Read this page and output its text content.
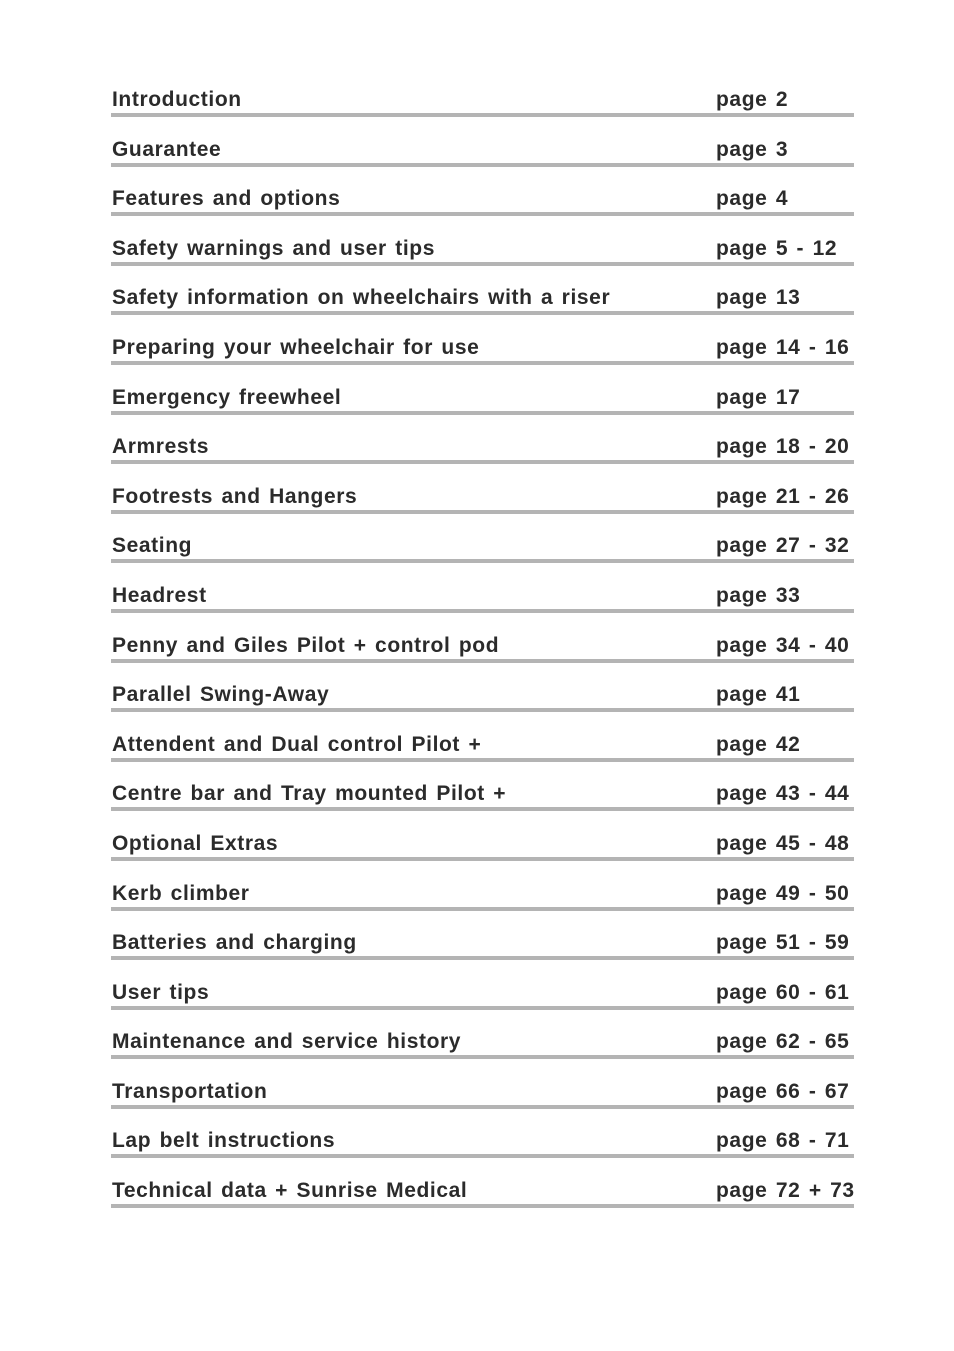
Introduction	page 2
Guarantee	page 3
Features and options	page 4
Safety warnings and user tips	page 5 - 12
Safety information on wheelchairs with a riser	page 13
Preparing your wheelchair for use	page 14 - 16
Emergency freewheel	page 17
Armrests	page 18 - 20
Footrests and Hangers	page 21 - 26
Seating	page 27 - 32
Headrest	page 33
Penny and Giles Pilot + control pod	page 34 - 40
Parallel Swing-Away	page 41
Attendent and Dual control Pilot +	page 42
Centre bar and Tray mounted Pilot +	page 43 - 44
Optional Extras	page 45 - 48
Kerb climber	page 49 - 50
Batteries and charging	page 51 - 59
User tips	page 60 - 61
Maintenance and service history	page 62 - 65
Transportation	page 66 - 67
Lap belt instructions	page 68 - 71
Technical data + Sunrise Medical	page 72 + 73
